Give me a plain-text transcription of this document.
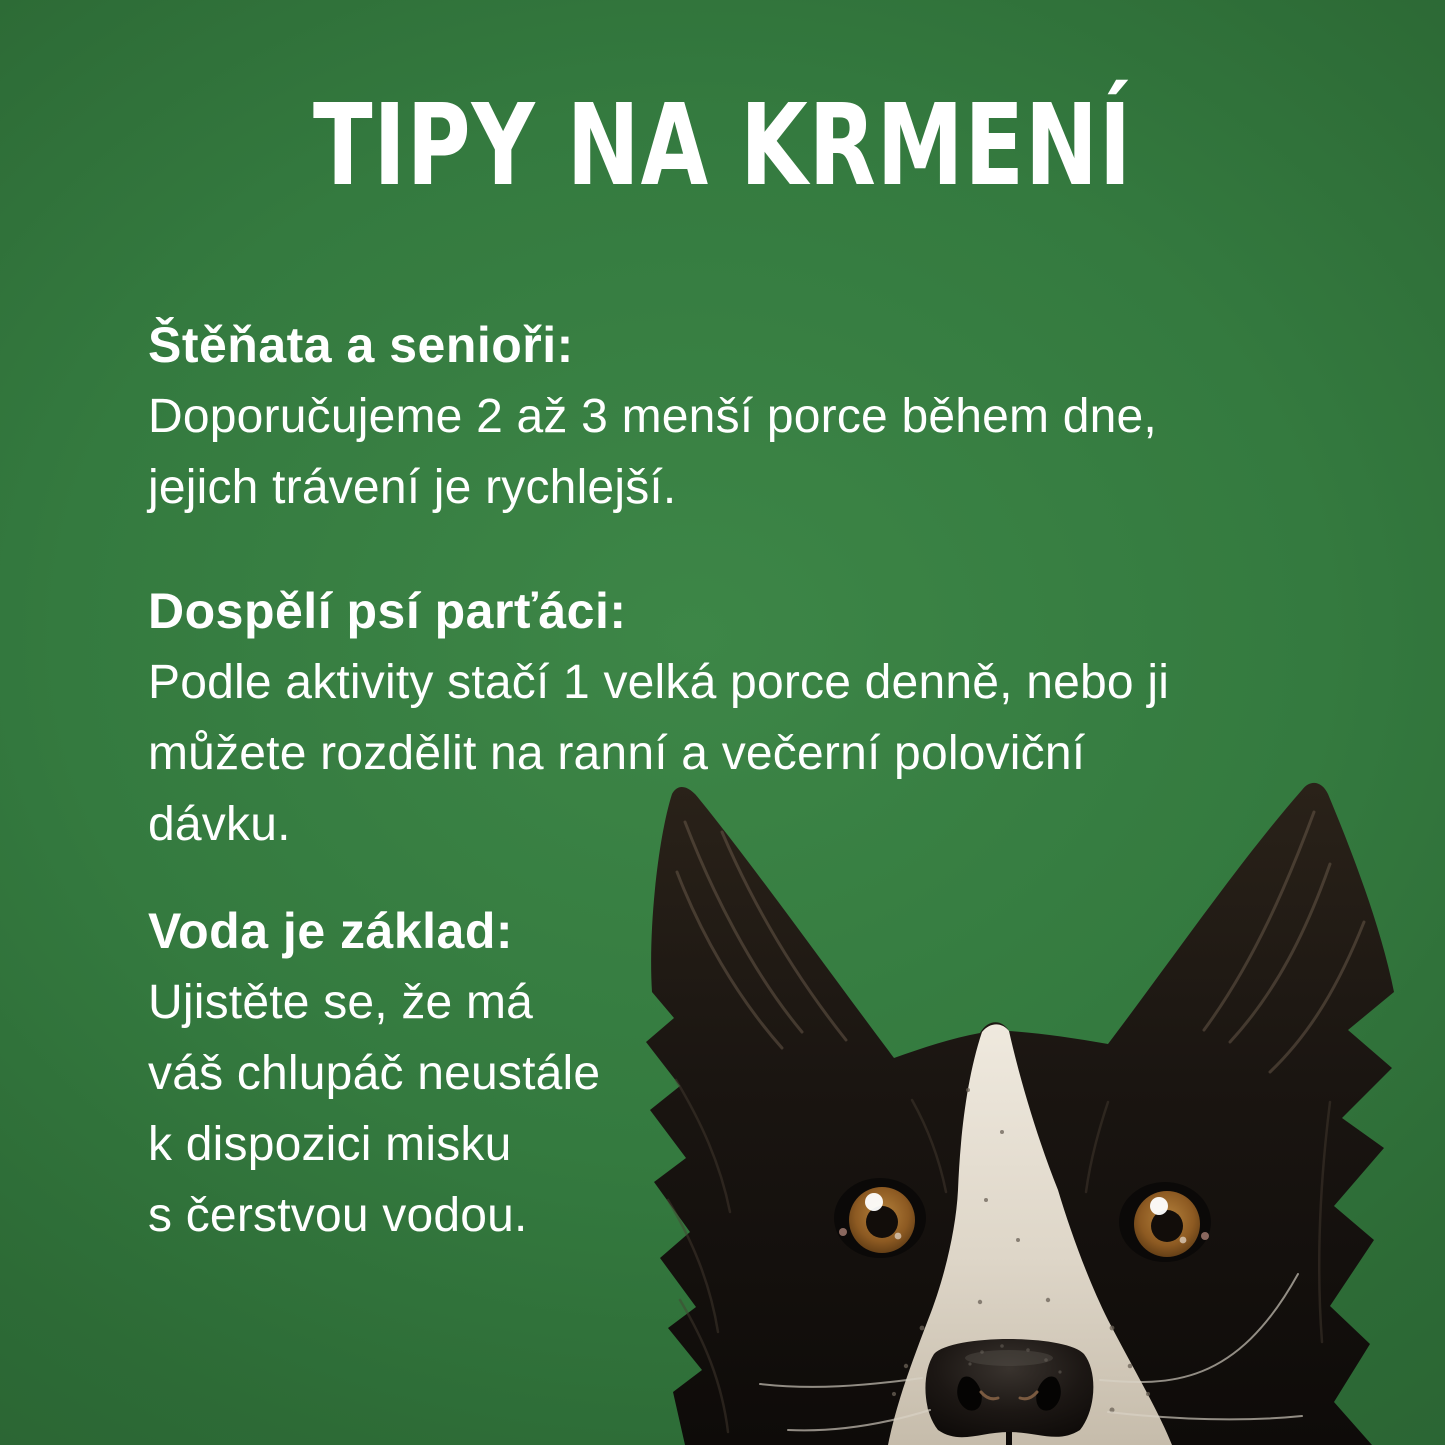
TIPY NA KRMENÍ
Štěňata a senioři:

Doporučujeme 2 až 3 menší porce během dne,

jejich trávení je rychlejší.

Dospělí psí parťáci:

Podle aktivity stačí 1 velká porce denně, nebo ji

můžete rozdělit na ranní a večerní poloviční

dávku.

Voda je základ:

Ujistěte se, že má

váš chlupáč neustále

k dispozici misku

s čerstvou vodou.
